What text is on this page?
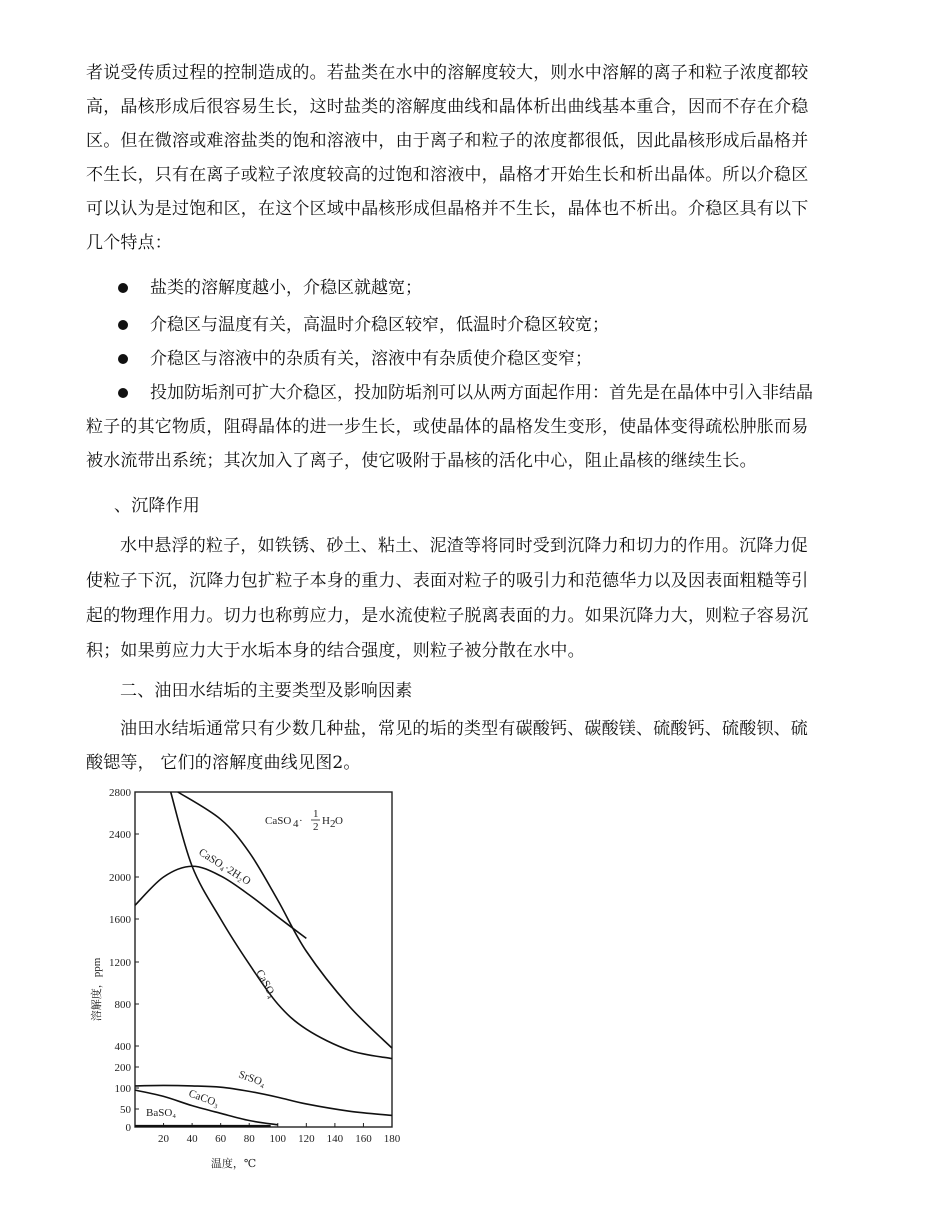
者说受传质过程的控制造成的。若盐类在水中的溶解度较大，则水中溶解的离子和粒子浓度都较
高，晶核形成后很容易生长，这时盐类的溶解度曲线和晶体析出曲线基本重合，因而不存在介稳
区。但在微溶或难溶盐类的饱和溶液中，由于离子和粒子的浓度都很低，因此晶核形成后晶格并
不生长，只有在离子或粒子浓度较高的过饱和溶液中，晶格才开始生长和析出晶体。所以介稳区
可以认为是过饱和区，在这个区域中晶核形成但晶格并不生长，晶体也不析出。介稳区具有以下
几个特点：
盐类的溶解度越小，介稳区就越宽；
介稳区与温度有关，高温时介稳区较窄，低温时介稳区较宽；
介稳区与溶液中的杂质有关，溶液中有杂质使介稳区变窄；
投加防垢剂可扩大介稳区，投加防垢剂可以从两方面起作用：首先是在晶体中引入非结晶
粒子的其它物质，阻碍晶体的进一步生长，或使晶体的晶格发生变形，使晶体变得疏松肿胀而易
被水流带出系统；其次加入了离子，使它吸附于晶核的活化中心，阻止晶核的继续生长。
、沉降作用
水中悬浮的粒子，如铁锈、砂土、粘土、泥渣等将同时受到沉降力和切力的作用。沉降力促
使粒子下沉，沉降力包扩粒子本身的重力、表面对粒子的吸引力和范德华力以及因表面粗糙等引
起的物理作用力。切力也称剪应力，是水流使粒子脱离表面的力。如果沉降力大，则粒子容易沉
积；如果剪应力大于水垢本身的结合强度，则粒子被分散在水中。
二、油田水结垢的主要类型及影响因素
油田水结垢通常只有少数几种盐，常见的垢的类型有碳酸钙、碳酸镁、硫酸钙、硫酸钡、硫
酸锶等， 它们的溶解度曲线见图2。
0
50
100
200
400
800
1200
1600
2000
2400
2800
20 40 60 80 100 120 140 160 180
温度，℃
溶解度，ppm
CaSO 4 ·
1
2 H 2 O
CaSO₄·2H₂O
CaSO₄
SrSO₄
CaCO₃
BaSO₄
